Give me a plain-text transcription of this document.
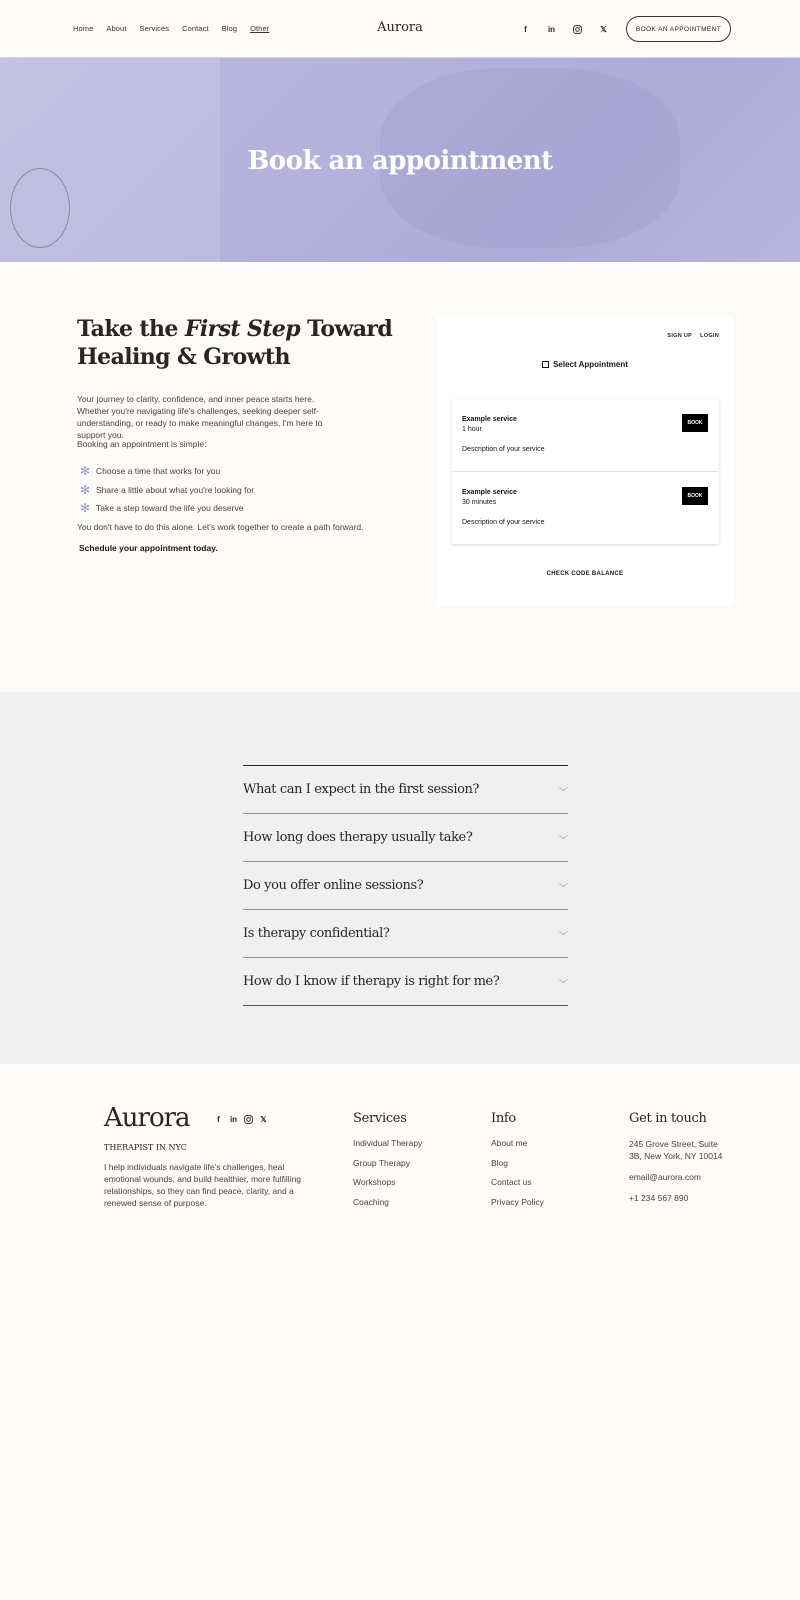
Home About Services Contact Blog Other	Aurora	f	in	𝕏	BOOK AN APPOINTMENT
Book an appointment
Take the First Step Toward Healing & Growth

Your journey to clarity, confidence, and inner peace starts here. Whether you're navigating life's challenges, seeking deeper self-understanding, or ready to make meaningful changes, I'm here to support you.

Booking an appointment is simple:

✻ Choose a time that works for you
✻ Share a little about what you're looking for
✻ Take a step toward the life you deserve

You don't have to do this alone. Let's work together to create a path forward.

Schedule your appointment today.

SIGN UP LOGIN
Select Appointment
Example service
1 hour
Description of your service
BOOK
Example service
30 minutes
Description of your service
BOOK
CHECK CODE BALANCE
What can I expect in the first session?	﹀
How long does therapy usually take?	﹀
Do you offer online sessions?	﹀
Is therapy confidential?	﹀
How do I know if therapy is right for me?	﹀
Aurora	f	in	𝕏
THERAPIST IN NYC

I help individuals navigate life's challenges, heal emotional wounds, and build healthier, more fulfilling relationships, so they can find peace, clarity, and a renewed sense of purpose.

Services
Individual Therapy
Group Therapy
Workshops
Coaching
Info
About me
Blog
Contact us
Privacy Policy
Get in touch
245 Grove Street, Suite 3B, New York, NY 10014
email@aurora.com
+1 234 567 890
